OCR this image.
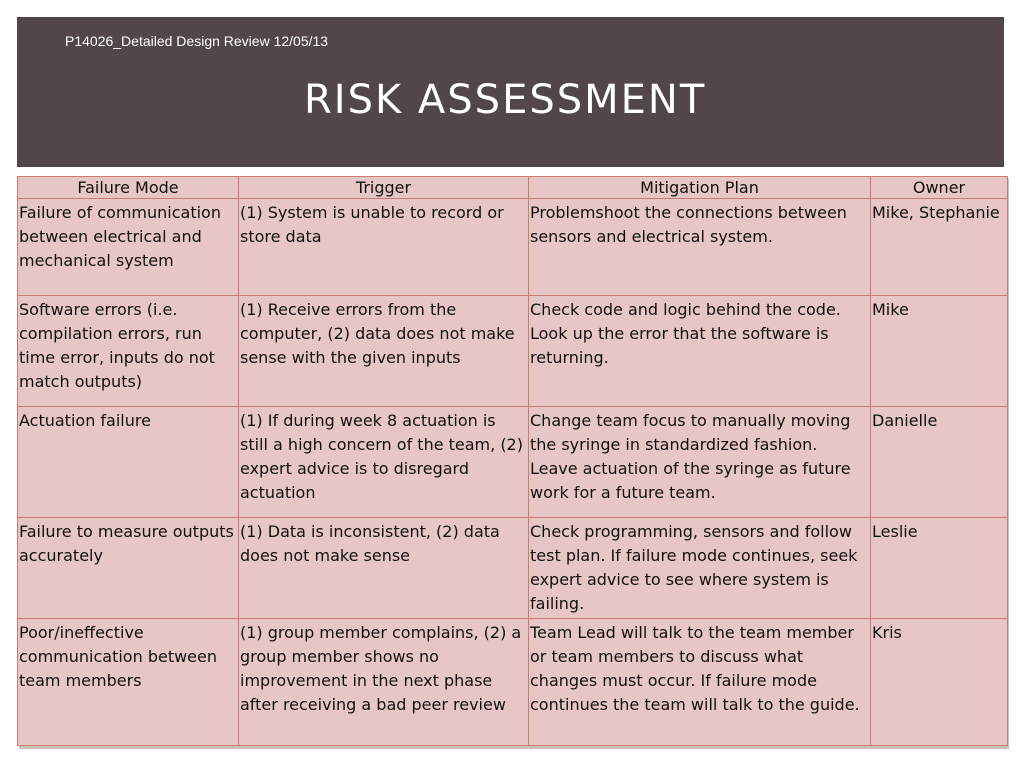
P14026_Detailed Design Review 12/05/13
RISK ASSESSMENT
Failure Mode	Trigger	Mitigation Plan	Owner
Failure of communication between electrical and mechanical system	(1) System is unable to record or store data	Problemshoot the connections between sensors and electrical system.	Mike, Stephanie
Software errors (i.e. compilation errors, run time error, inputs do not match outputs)	(1) Receive errors from the computer, (2) data does not make sense with the given inputs	Check code and logic behind the code. Look up the error that the software is returning.	Mike
Actuation failure	(1) If during week 8 actuation is still a high concern of the team, (2) expert advice is to disregard actuation	Change team focus to manually moving the syringe in standardized fashion. Leave actuation of the syringe as future work for a future team.	Danielle
Failure to measure outputs accurately	(1) Data is inconsistent, (2) data does not make sense	Check programming, sensors and follow test plan. If failure mode continues, seek expert advice to see where system is failing.	Leslie
Poor/ineffective communication between team members	(1) group member complains, (2) a group member shows no improvement in the next phase after receiving a bad peer review	Team Lead will talk to the team member or team members to discuss what changes must occur. If failure mode continues the team will talk to the guide.	Kris
